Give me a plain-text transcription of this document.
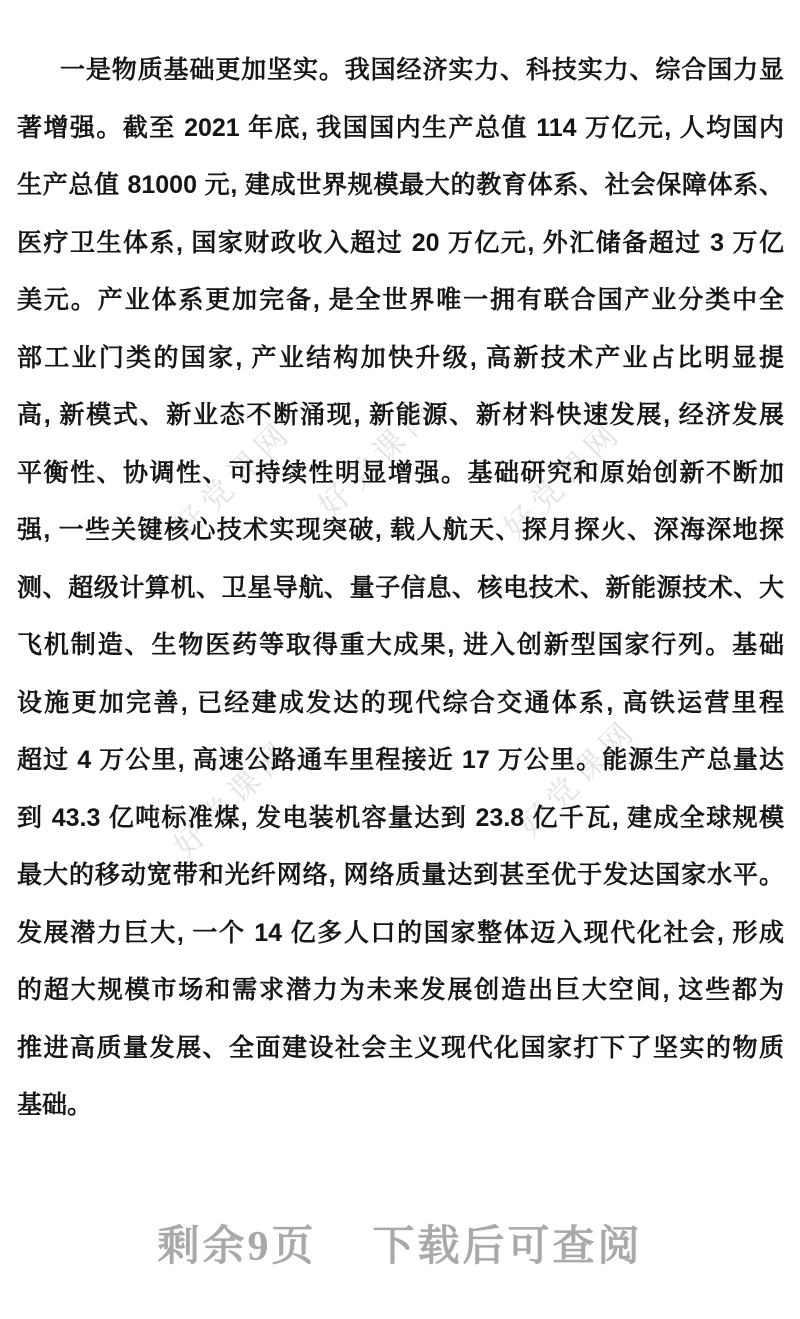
好党课网 好党课网 好党课网
好党课网	好党课网
一是物质基础更加坚实。我国经济实力、科技实力、综合国力显
著增强。截至 2021 年底, 我国国内生产总值 114 万亿元, 人均国内
生产总值 81000 元, 建成世界规模最大的教育体系、社会保障体系、
医疗卫生体系, 国家财政收入超过 20 万亿元, 外汇储备超过 3 万亿
美元。产业体系更加完备, 是全世界唯一拥有联合国产业分类中全
部工业门类的国家, 产业结构加快升级, 高新技术产业占比明显提
高, 新模式、新业态不断涌现, 新能源、新材料快速发展, 经济发展
平衡性、协调性、可持续性明显增强。基础研究和原始创新不断加
强, 一些关键核心技术实现突破, 载人航天、探月探火、深海深地探
测、超级计算机、卫星导航、量子信息、核电技术、新能源技术、大
飞机制造、生物医药等取得重大成果, 进入创新型国家行列。基础
设施更加完善, 已经建成发达的现代综合交通体系, 高铁运营里程
超过 4 万公里, 高速公路通车里程接近 17 万公里。能源生产总量达
到 43.3 亿吨标准煤, 发电装机容量达到 23.8 亿千瓦, 建成全球规模
最大的移动宽带和光纤网络, 网络质量达到甚至优于发达国家水平。
发展潜力巨大, 一个 14 亿多人口的国家整体迈入现代化社会, 形成
的超大规模市场和需求潜力为未来发展创造出巨大空间, 这些都为
推进高质量发展、全面建设社会主义现代化国家打下了坚实的物质
基础。
剩余9页 下载后可查阅
